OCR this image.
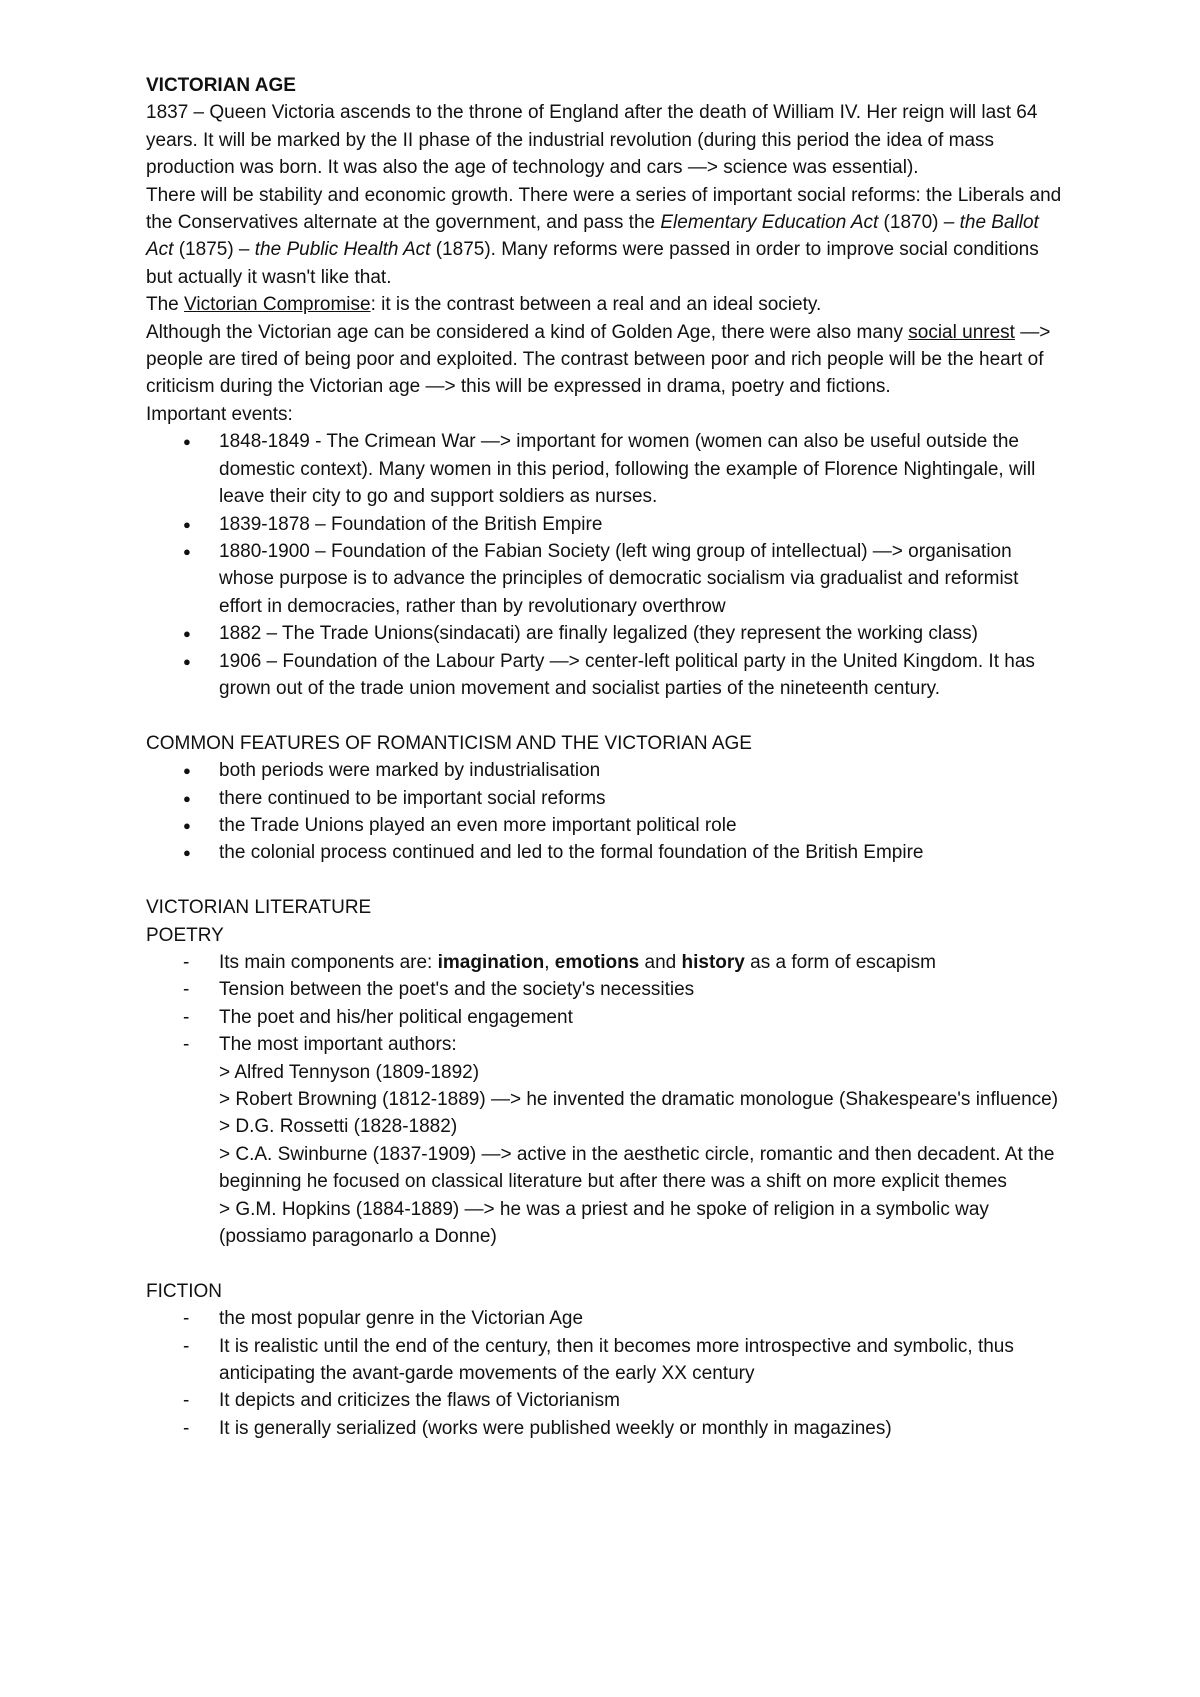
VICTORIAN AGE

1837 – Queen Victoria ascends to the throne of England after the death of William IV. Her reign will last 64 years. It will be marked by the II phase of the industrial revolution (during this period the idea of mass production was born. It was also the age of technology and cars —> science was essential).

There will be stability and economic growth. There were a series of important social reforms: the Liberals and the Conservatives alternate at the government, and pass the Elementary Education Act (1870) – the Ballot Act (1875) – the Public Health Act (1875). Many reforms were passed in order to improve social conditions but actually it wasn't like that.

The Victorian Compromise: it is the contrast between a real and an ideal society.

Although the Victorian age can be considered a kind of Golden Age, there were also many social unrest —> people are tired of being poor and exploited. The contrast between poor and rich people will be the heart of criticism during the Victorian age —> this will be expressed in drama, poetry and fictions.

Important events:

● 1848-1849 - The Crimean War —> important for women (women can also be useful outside the domestic context). Many women in this period, following the example of Florence Nightingale, will leave their city to go and support soldiers as nurses.
● 1839-1878 – Foundation of the British Empire
● 1880-1900 – Foundation of the Fabian Society (left wing group of intellectual) —> organisation whose purpose is to advance the principles of democratic socialism via gradualist and reformist effort in democracies, rather than by revolutionary overthrow
● 1882 – The Trade Unions(sindacati) are finally legalized (they represent the working class)
● 1906 – Foundation of the Labour Party —> center-left political party in the United Kingdom. It has grown out of the trade union movement and socialist parties of the nineteenth century.

COMMON FEATURES OF ROMANTICISM AND THE VICTORIAN AGE

● both periods were marked by industrialisation
● there continued to be important social reforms
● the Trade Unions played an even more important political role
● the colonial process continued and led to the formal foundation of the British Empire

VICTORIAN LITERATURE

POETRY

- Its main components are: imagination, emotions and history as a form of escapism
- Tension between the poet's and the society's necessities
- The poet and his/her political engagement
- The most important authors:

> Alfred Tennyson (1809-1892)

> Robert Browning (1812-1889) —> he invented the dramatic monologue (Shakespeare's influence)

> D.G. Rossetti (1828-1882)

> C.A. Swinburne (1837-1909) —> active in the aesthetic circle, romantic and then decadent. At the beginning he focused on classical literature but after there was a shift on more explicit themes

> G.M. Hopkins (1884-1889) —> he was a priest and he spoke of religion in a symbolic way (possiamo paragonarlo a Donne)

FICTION

- the most popular genre in the Victorian Age
- It is realistic until the end of the century, then it becomes more introspective and symbolic, thus anticipating the avant-garde movements of the early XX century
- It depicts and criticizes the flaws of Victorianism
- It is generally serialized (works were published weekly or monthly in magazines)
